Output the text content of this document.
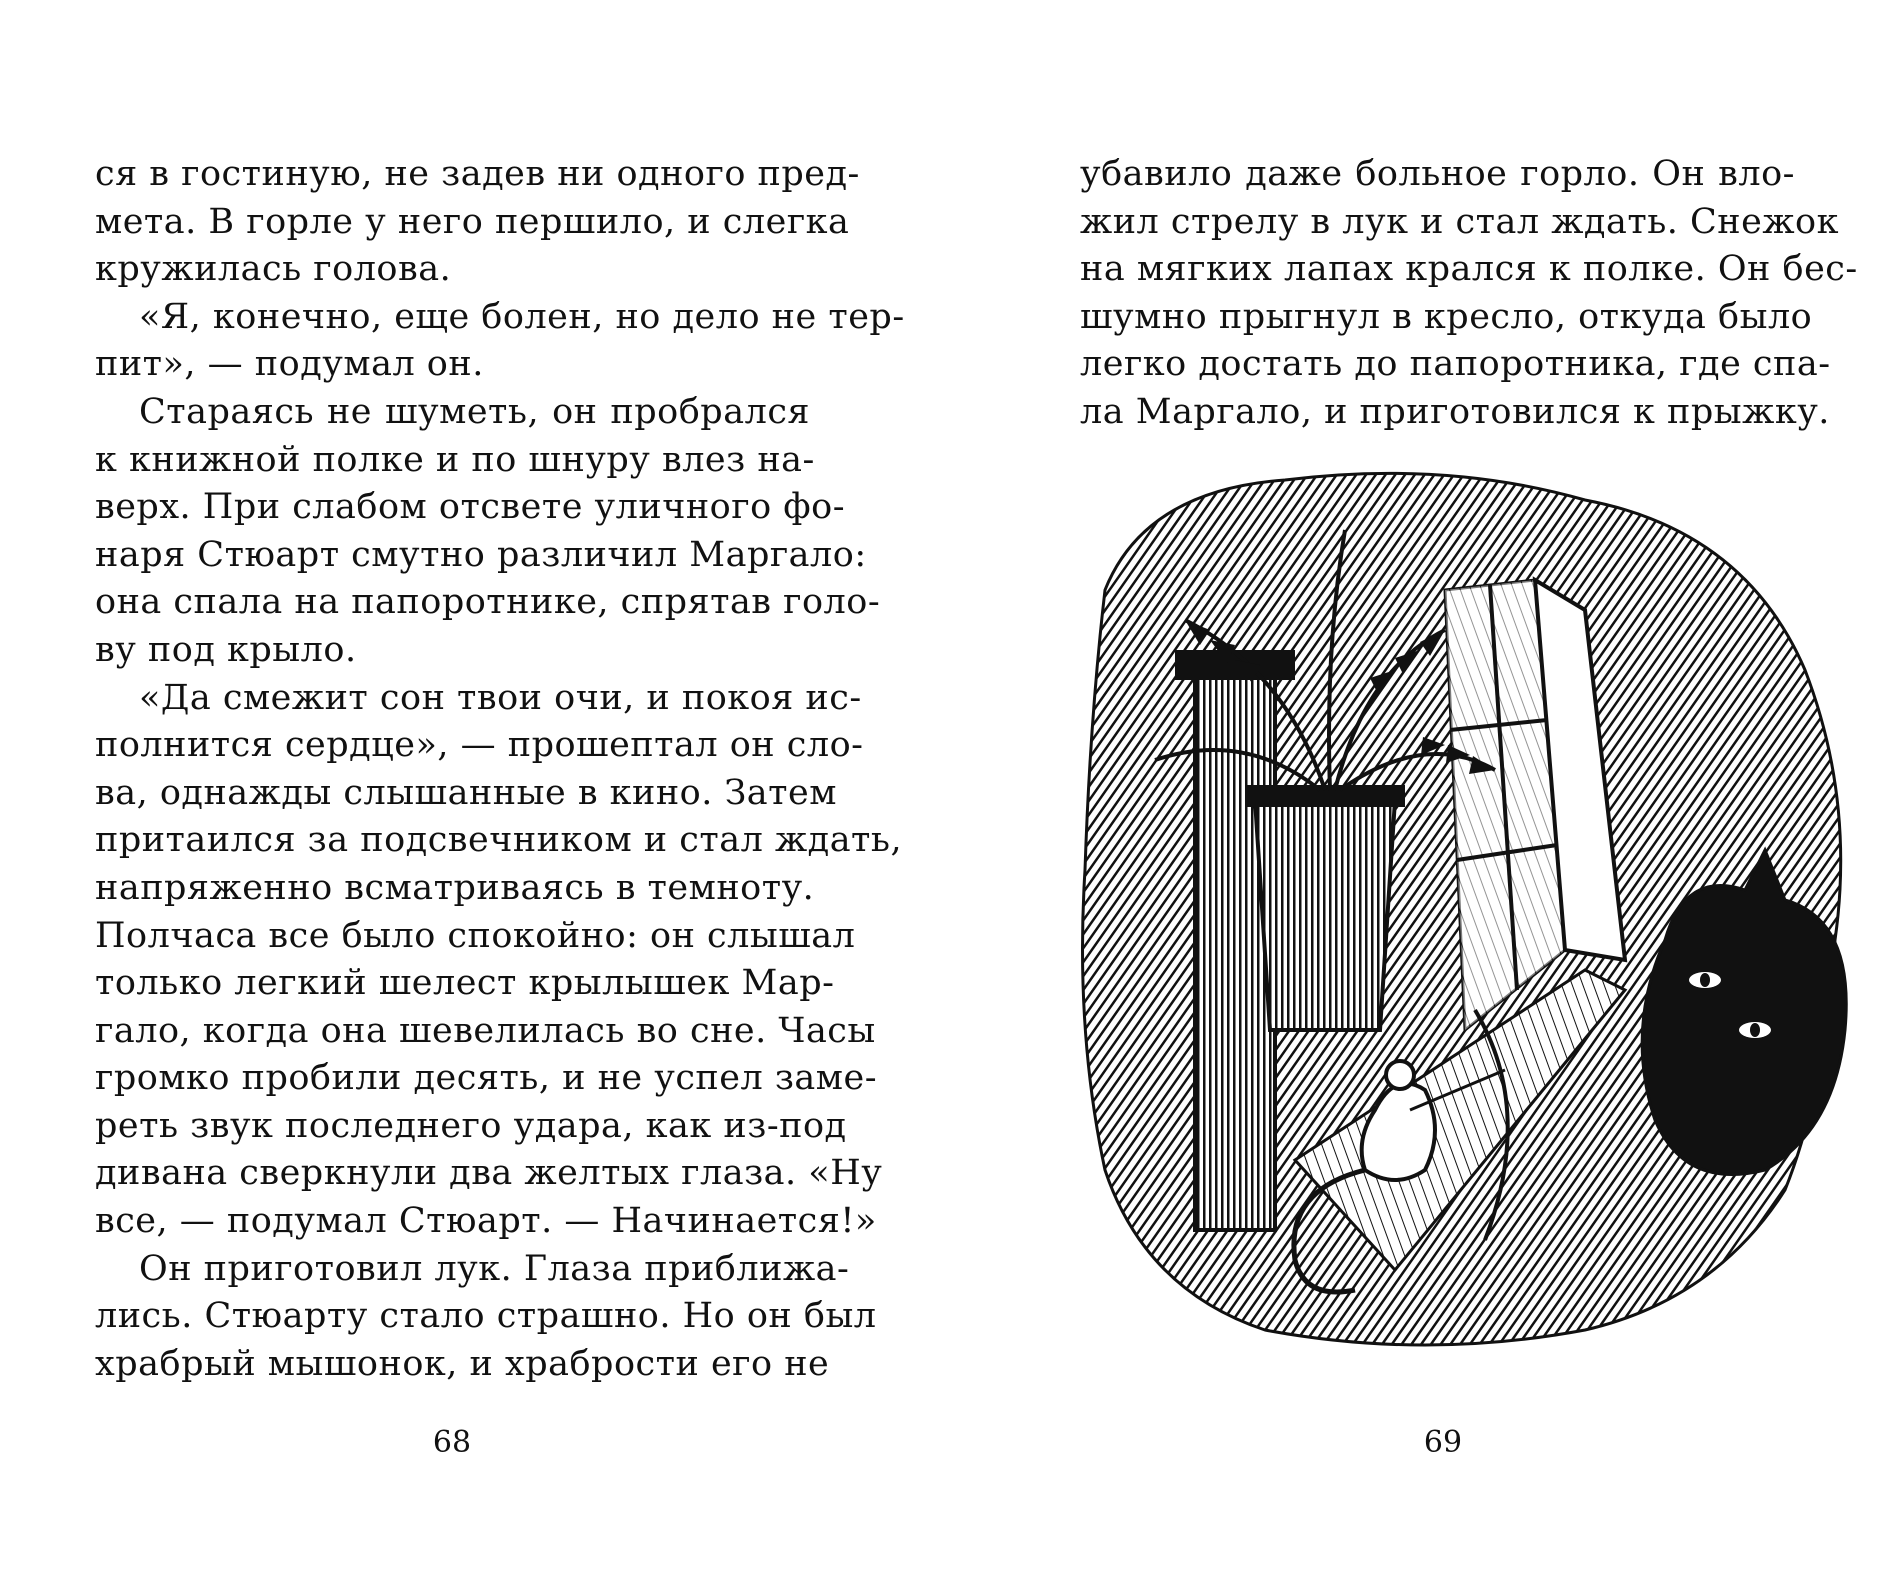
ся в гостиную, не задев ни одного пред-
мета. В горле у него першило, и слегка
кружилась голова.
«Я, конечно, еще болен, но дело не тер-
пит», — подумал он.
Стараясь не шуметь, он пробрался
к книжной полке и по шнуру влез на-
верх. При слабом отсвете уличного фо-
наря Стюарт смутно различил Маргало:
она спала на папоротнике, спрятав голо-
ву под крыло.
«Да смежит сон твои очи, и покоя ис-
полнится сердце», — прошептал он сло-
ва, однажды слышанные в кино. Затем
притаился за подсвечником и стал ждать,
напряженно всматриваясь в темноту.
Полчаса все было спокойно: он слышал
только легкий шелест крылышек Мар-
гало, когда она шевелилась во сне. Часы
громко пробили десять, и не успел заме-
реть звук последнего удара, как из-под
дивана сверкнули два желтых глаза. «Ну
все, — подумал Стюарт. — Начинается!»
Он приготовил лук. Глаза приближа-
лись. Стюарту стало страшно. Но он был
храбрый мышонок, и храбрости его не
68
убавило даже больное горло. Он вло-
жил стрелу в лук и стал ждать. Снежок
на мягких лапах крался к полке. Он бес-
шумно прыгнул в кресло, откуда было
легко достать до папоротника, где спа-
ла Маргало, и приготовился к прыжку.
69
